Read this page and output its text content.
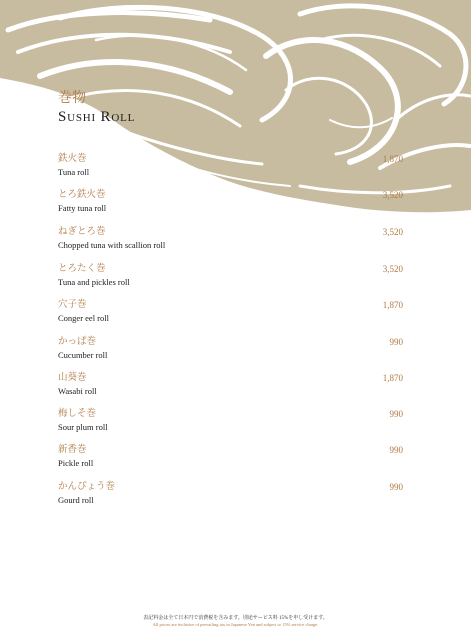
巻物
Sushi Roll
鉄火巻
Tuna roll
1,870
とろ鉄火巻
Fatty tuna roll
3,520
ねぎとろ巻
Chopped tuna with scallion roll
3,520
とろたく巻
Tuna and pickles roll
3,520
穴子巻
Conger eel roll
1,870
かっぱ巻
Cucumber roll
990
山葵巻
Wasabi roll
1,870
梅しそ巻
Sour plum roll
990
新香巻
Pickle roll
990
かんぴょう巻
Gourd roll
990
表記料金は全て日本円で消費税を含みます。別途サービス料 15%を申し受けます。
All prices are inclusive of prevailing tax in Japanese Yen and subject to 15% service charge.
